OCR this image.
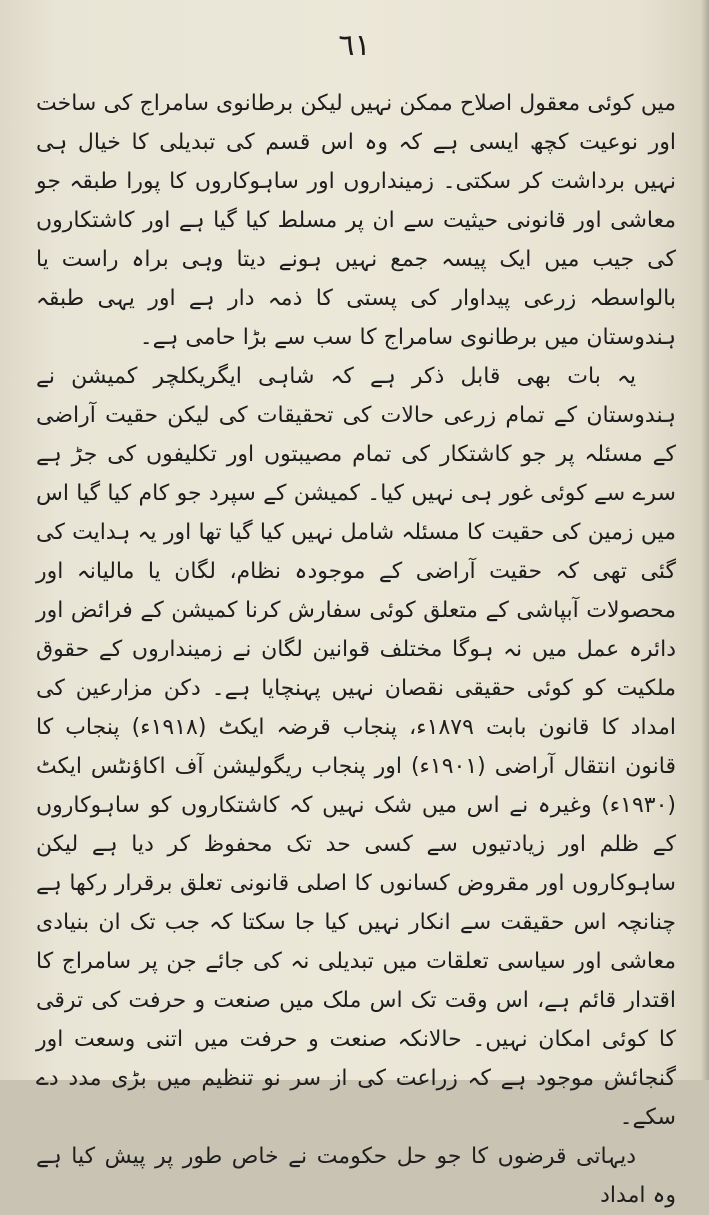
٦١

میں کوئی معقول اصلاح ممکن نہیں لیکن برطانوی سامراج کی ساخت اور نوعیت کچھ ایسی ہے کہ وہ اس قسم کی تبدیلی کا خیال ہی نہیں برداشت کر سکتی۔ زمینداروں اور ساہوکاروں کا پورا طبقہ جو معاشی اور قانونی حیثیت سے ان پر مسلط کیا گیا ہے اور کاشتکاروں کی جیب میں ایک پیسہ جمع نہیں ہونے دیتا وہی براہ راست یا بالواسطہ زرعی پیداوار کی پستی کا ذمہ دار ہے اور یہی طبقہ ہندوستان میں برطانوی سامراج کا سب سے بڑا حامی ہے۔

یہ بات بھی قابل ذکر ہے کہ شاہی ایگریکلچر کمیشن نے ہندوستان کے تمام زرعی حالات کی تحقیقات کی لیکن حقیت آراضی کے مسئلہ پر جو کاشتکار کی تمام مصیبتوں اور تکلیفوں کی جڑ ہے سرے سے کوئی غور ہی نہیں کیا۔ کمیشن کے سپرد جو کام کیا گیا اس میں زمین کی حقیت کا مسئلہ شامل نہیں کیا گیا تھا اور یہ ہدایت کی گئی تھی کہ حقیت آراضی کے موجودہ نظام، لگان یا مالیانہ اور محصولات آبپاشی کے متعلق کوئی سفارش کرنا کمیشن کے فرائض اور دائرہ عمل میں نہ ہوگا مختلف قوانین لگان نے زمینداروں کے حقوق ملکیت کو کوئی حقیقی نقصان نہیں پہنچایا ہے۔ دکن مزارعین کی امداد کا قانون بابت ۱۸۷۹ء، پنجاب قرضہ ایکٹ (۱۹۱۸ء) پنجاب کا قانون انتقال آراضی (۱۹۰۱ء) اور پنجاب ریگولیشن آف اکاؤنٹس ایکٹ (۱۹۳۰ء) وغیرہ نے اس میں شک نہیں کہ کاشتکاروں کو ساہوکاروں کے ظلم اور زیادتیوں سے کسی حد تک محفوظ کر دیا ہے لیکن ساہوکاروں اور مقروض کسانوں کا اصلی قانونی تعلق برقرار رکھا ہے چنانچہ اس حقیقت سے انکار نہیں کیا جا سکتا کہ جب تک ان بنیادی معاشی اور سیاسی تعلقات میں تبدیلی نہ کی جائے جن پر سامراج کا اقتدار قائم ہے، اس وقت تک اس ملک میں صنعت و حرفت کی ترقی کا کوئی امکان نہیں۔ حالانکہ صنعت و حرفت میں اتنی وسعت اور گنجائش موجود ہے کہ زراعت کی از سر نو تنظیم میں بڑی مدد دے سکے۔

دیہاتی قرضوں کا جو حل حکومت نے خاص طور پر پیش کیا ہے وہ امداد
